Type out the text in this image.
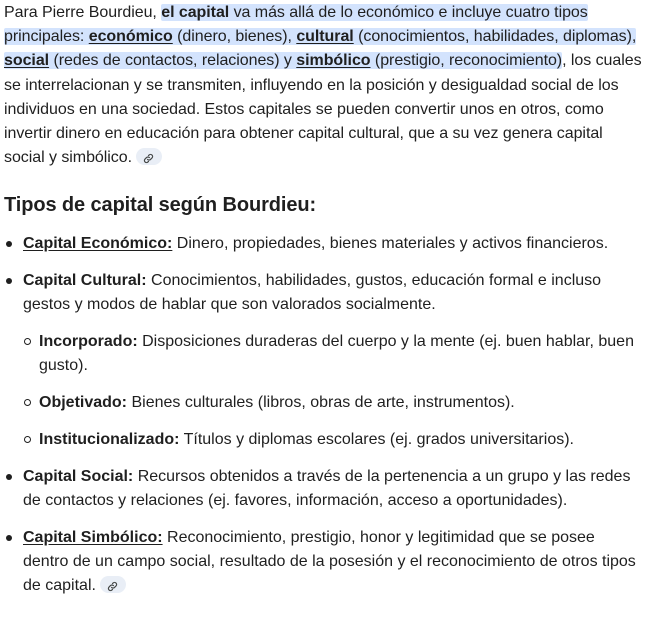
Para Pierre Bourdieu, el capital va más allá de lo económico e incluye cuatro tipos principales: económico (dinero, bienes), cultural (conocimientos, habilidades, diplomas), social (redes de contactos, relaciones) y simbólico (prestigio, reconocimiento), los cuales se interrelacionan y se transmiten, influyendo en la posición y desigualdad social de los individuos en una sociedad. Estos capitales se pueden convertir unos en otros, como invertir dinero en educación para obtener capital cultural, que a su vez genera capital social y simbólico.

Tipos de capital según Bourdieu:
Capital Económico: Dinero, propiedades, bienes materiales y activos financieros.
Capital Cultural: Conocimientos, habilidades, gustos, educación formal e incluso gestos y modos de hablar que son valorados socialmente.
Incorporado: Disposiciones duraderas del cuerpo y la mente (ej. buen hablar, buen gusto).
Objetivado: Bienes culturales (libros, obras de arte, instrumentos).
Institucionalizado: Títulos y diplomas escolares (ej. grados universitarios).
Capital Social: Recursos obtenidos a través de la pertenencia a un grupo y las redes de contactos y relaciones (ej. favores, información, acceso a oportunidades).
Capital Simbólico: Reconocimiento, prestigio, honor y legitimidad que se posee dentro de un campo social, resultado de la posesión y el reconocimiento de otros tipos de capital.
